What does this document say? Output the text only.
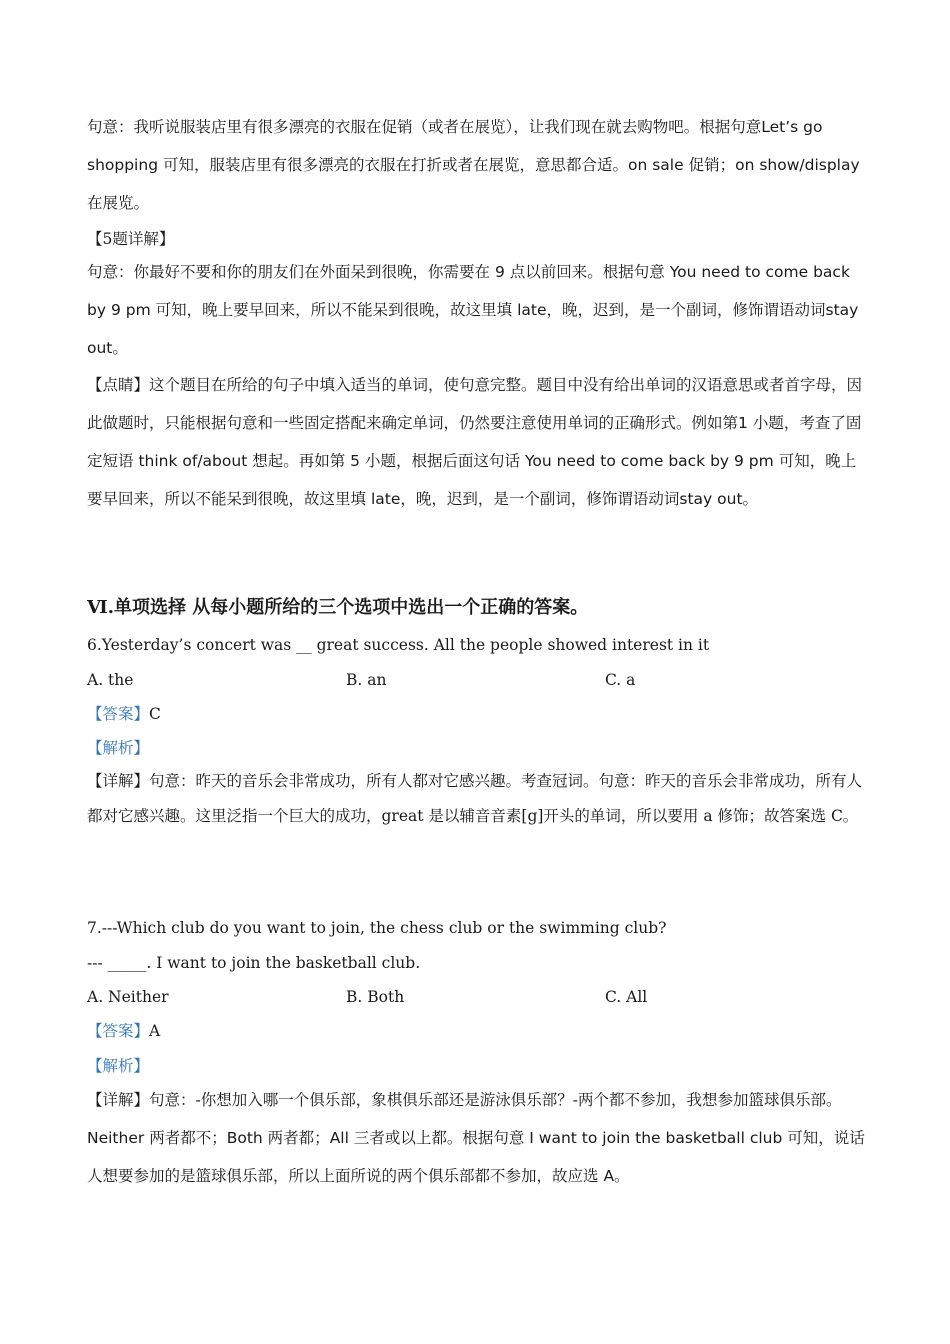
句意：我听说服装店里有很多漂亮的衣服在促销（或者在展览），让我们现在就去购物吧。根据句意Let’s go shopping 可知，服装店里有很多漂亮的衣服在打折或者在展览，意思都合适。on sale 促销；on show/display 在展览。

【5题详解】

句意：你最好不要和你的朋友们在外面呆到很晚，你需要在 9 点以前回来。根据句意 You need to come back by 9 pm 可知，晚上要早回来，所以不能呆到很晚，故这里填 late，晚，迟到，是一个副词，修饰谓语动词stay out。

【点睛】这个题目在所给的句子中填入适当的单词，使句意完整。题目中没有给出单词的汉语意思或者首字母，因此做题时，只能根据句意和一些固定搭配来确定单词，仍然要注意使用单词的正确形式。例如第1 小题，考查了固定短语 think of/about 想起。再如第 5 小题，根据后面这句话 You need to come back by 9 pm 可知，晚上要早回来，所以不能呆到很晚，故这里填 late，晚，迟到，是一个副词，修饰谓语动词stay out。

Ⅵ.单项选择 从每小题所给的三个选项中选出一个正确的答案。

6.Yesterday’s concert was __ great success. All the people showed interest in it

A. the	B. an	C. a

【答案】C

【解析】

【详解】句意：昨天的音乐会非常成功，所有人都对它感兴趣。考查冠词。句意：昨天的音乐会非常成功，所有人都对它感兴趣。这里泛指一个巨大的成功，great 是以辅音音素[g]开头的单词，所以要用 a 修饰；故答案选 C。

7.---Which club do you want to join, the chess club or the swimming club?

--- _____. I want to join the basketball club.

A. Neither	B. Both	C. All

【答案】A

【解析】

【详解】句意：-你想加入哪一个俱乐部，象棋俱乐部还是游泳俱乐部？-两个都不参加，我想参加篮球俱乐部。Neither 两者都不；Both 两者都；All 三者或以上都。根据句意 I want to join the basketball club 可知，说话人想要参加的是篮球俱乐部，所以上面所说的两个俱乐部都不参加，故应选 A。
